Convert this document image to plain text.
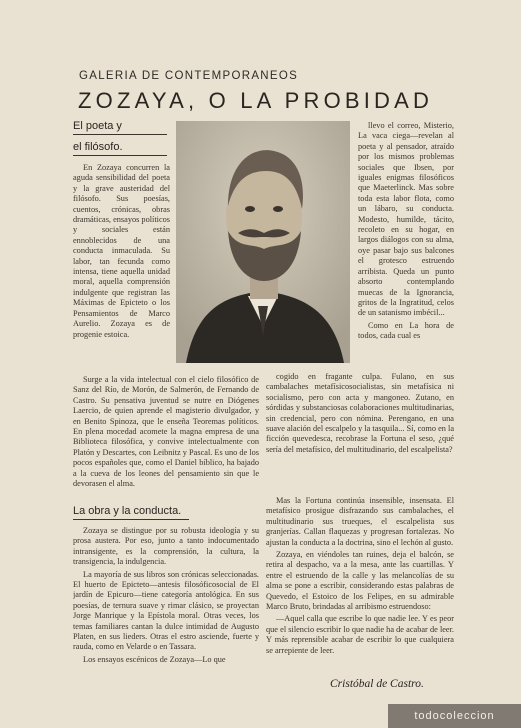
GALERIA DE CONTEMPORANEOS
ZOZAYA, O LA PROBIDAD
El poeta y
el filósofo.

En Zozaya concurren la aguda sensibilidad del poeta y la grave austeridad del filósofo. Sus poesías, cuentos, crónicas, obras dramáticas, ensayos políticos y sociales están ennoblecidos de una conducta inmaculada. Su labor, tan fecunda como intensa, tiene aquella unidad moral, aquella comprensión indulgente que registran las Máximas de Epicteto o los Pensamientos de Marco Aurelio. Zozaya es de progenie estoica.

Surge a la vida intelectual con el cielo filosófico de Sanz del Río, de Morón, de Salmerón, de Fernando de Castro. Su pensativa juventud se nutre en Diógenes Laercio, de quien aprende el magisterio divulgador, y en Benito Spinoza, que le enseña Teoremas políticos. En plena mocedad acomete la magna empresa de una Biblioteca filosófica, y convive intelectualmente con Platón y Descartes, con Leibnitz y Pascal. Es uno de los pocos españoles que, como el Daniel bíblico, ha bajado a la cueva de los leones del pensamiento sin que le devorasen el alma.

La obra y la conducta.

Zozaya se distingue por su robusta ideología y su prosa austera. Por eso, junto a tanto indocumentado intransigente, es la comprensión, la cultura, la transigencia, la indulgencia.

La mayoría de sus libros son crónicas seleccionadas. El huerto de Epicteto—antesis filosóficosocial de El jardín de Epicuro—tiene categoría antológica. En sus poesías, de ternura suave y rimar clásico, se proyectan Jorge Manrique y la Epístola moral. Otras veces, los temas familiares cantan la dulce intimidad de Augusto Platen, en sus lieders. Otras el estro asciende, fuerte y rauda, como en Velarde o en Tassara.

Los ensayos escénicos de Zozaya—Lo que

llevo el correo, Misterio, La vaca ciega—revelan al poeta y al pensador, atraído por los mismos problemas sociales que Ibsen, por iguales enigmas filosóficos que Maeterlinck. Mas sobre toda esta labor flota, como un lábaro, su conducta. Modesto, humilde, tácito, recoleto en su hogar, en largos diálogos con su alma, oye pasar bajo sus balcones el grotesco estruendo arribista. Queda un punto absorto contemplando muecas de la Ignorancia, gritos de la Ingratitud, celos de un satanismo imbécil...

Como en La hora de todos, cada cual es

cogido en fragante culpa. Fulano, en sus cambalaches metafísicosocialistas, sin metafísica ni socialismo, pero con acta y mangoneo. Zutano, en sórdidas y substanciosas colaboraciones multitudinarias, sin credencial, pero con nómina. Perengano, en una suave alación del escalpelo y la tasquila... Sí, como en la ficción quevedesca, recobrase la Fortuna el seso, ¿qué sería del metafísico, del multitudinario, del escalpelista?

Mas la Fortuna continúa insensible, insensata. El metafísico prosigue disfrazando sus cambalaches, el multitudinario sus trueques, el escalpelista sus granjerías. Callan flaquezas y progresan fortalezas. No ajustan la conducta a la doctrina, sino el lechón al gusto.

Zozaya, en viéndoles tan ruines, deja el balcón, se retira al despacho, va a la mesa, ante las cuartillas. Y entre el estruendo de la calle y las melancolías de su alma se pone a escribir, considerando estas palabras de Quevedo, el Estoico de los Felipes, en su admirable Marco Bruto, brindadas al arribismo estruendoso:

—Aquel calla que escribe lo que nadie lee. Y es peor que el silencio escribir lo que nadie ha de acabar de leer. Y más reprensible acabar de escribir lo que cualquiera se arrepiente de leer.

Cristóbal de Castro.
todocoleccion
